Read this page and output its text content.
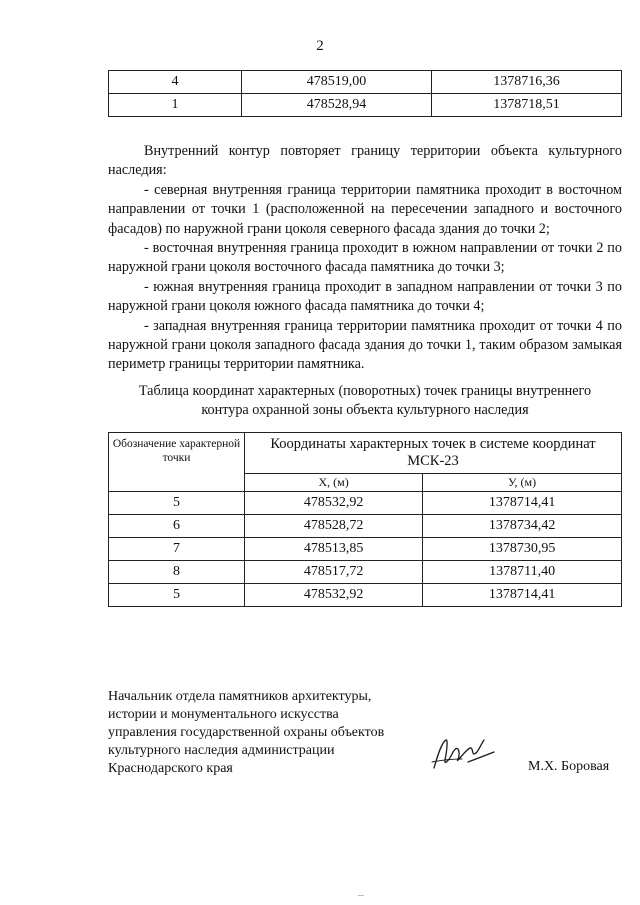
2
4	478519,00	1378716,36
1	478528,94	1378718,51

Внутренний контур повторяет границу территории объекта культурного наследия:

- северная внутренняя граница территории памятника проходит в восточном направлении от точки 1 (расположенной на пересечении западного и восточного фасадов) по наружной грани цоколя северного фасада здания до точки 2;

- восточная внутренняя граница проходит в южном направлении от точки 2 по наружной грани цоколя восточного фасада памятника до точки 3;

- южная внутренняя граница проходит в западном направлении от точки 3 по наружной грани цоколя южного фасада памятника до точки 4;

- западная внутренняя граница территории памятника проходит от точки 4 по наружной грани цоколя западного фасада здания до точки 1, таким образом замыкая периметр границы территории памятника.

Таблица координат характерных (поворотных) точек границы внутреннего
контура охранной зоны объекта культурного наследия
Обозначение характерной точки	Координаты характерных точек в системе координат МСК-23	
	Х, (м)	У, (м)
5	478532,92	1378714,41
6	478528,72	1378734,42
7	478513,85	1378730,95
8	478517,72	1378711,40
5	478532,92	1378714,41
Начальник отдела памятников архитектуры,
истории и монументального искусства
управления государственной охраны объектов
культурного наследия администрации
Краснодарского края	М.Х. Боровая
